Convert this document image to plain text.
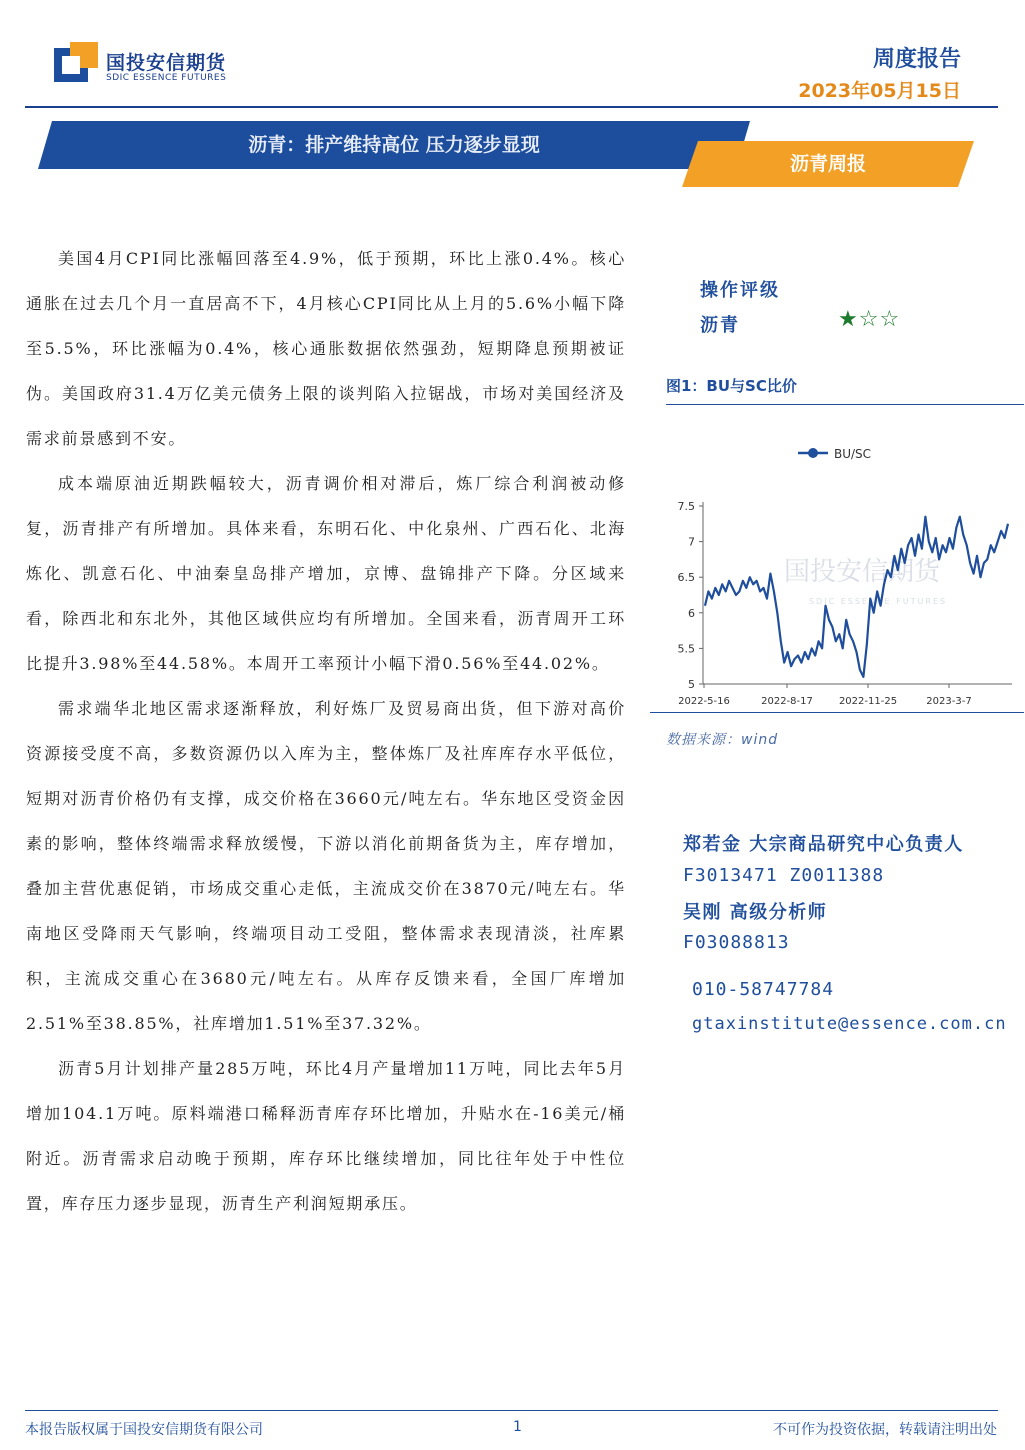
国投安信期货
SDIC ESSENCE FUTURES
周度报告
2023年05月15日
沥青：排产维持高位 压力逐步显现
沥青周报

美国4月CPI同比涨幅回落至4.9%，低于预期，环比上涨0.4%。核心通胀在过去几个月一直居高不下，4月核心CPI同比从上月的5.6%小幅下降至5.5%，环比涨幅为0.4%，核心通胀数据依然强劲，短期降息预期被证伪。美国政府31.4万亿美元债务上限的谈判陷入拉锯战，市场对美国经济及需求前景感到不安。

成本端原油近期跌幅较大，沥青调价相对滞后，炼厂综合利润被动修复，沥青排产有所增加。具体来看，东明石化、中化泉州、广西石化、北海炼化、凯意石化、中油秦皇岛排产增加，京博、盘锦排产下降。分区域来看，除西北和东北外，其他区域供应均有所增加。全国来看，沥青周开工环比提升3.98%至44.58%。本周开工率预计小幅下滑0.56%至44.02%。

需求端华北地区需求逐渐释放，利好炼厂及贸易商出货，但下游对高价资源接受度不高，多数资源仍以入库为主，整体炼厂及社库库存水平低位，短期对沥青价格仍有支撑，成交价格在3660元/吨左右。华东地区受资金因素的影响，整体终端需求释放缓慢，下游以消化前期备货为主，库存增加，叠加主营优惠促销，市场成交重心走低，主流成交价在3870元/吨左右。华南地区受降雨天气影响，终端项目动工受阻，整体需求表现清淡，社库累积，主流成交重心在3680元/吨左右。从库存反馈来看，全国厂库增加2.51%至38.85%，社库增加1.51%至37.32%。

沥青5月计划排产量285万吨，环比4月产量增加11万吨，同比去年5月增加104.1万吨。原料端港口稀释沥青库存环比增加，升贴水在-16美元/桶附近。沥青需求启动晚于预期，库存环比继续增加，同比往年处于中性位置，库存压力逐步显现，沥青生产利润短期承压。

操作评级
沥青	★☆☆
图1：BU与SC比价
国投安信期货
SDIC ESSENCE FUTURES
BU/SC
5
5.5
6
6.5
7
7.5
2022-5-16	2022-8-17	2022-11-25	2023-3-7
数据来源：wind
郑若金 大宗商品研究中心负责人
F3013471 Z0011388
吴刚 高级分析师
F03088813
010-58747784
gtaxinstitute@essence.com.cn
本报告版权属于国投安信期货有限公司	1	不可作为投资依据，转载请注明出处
